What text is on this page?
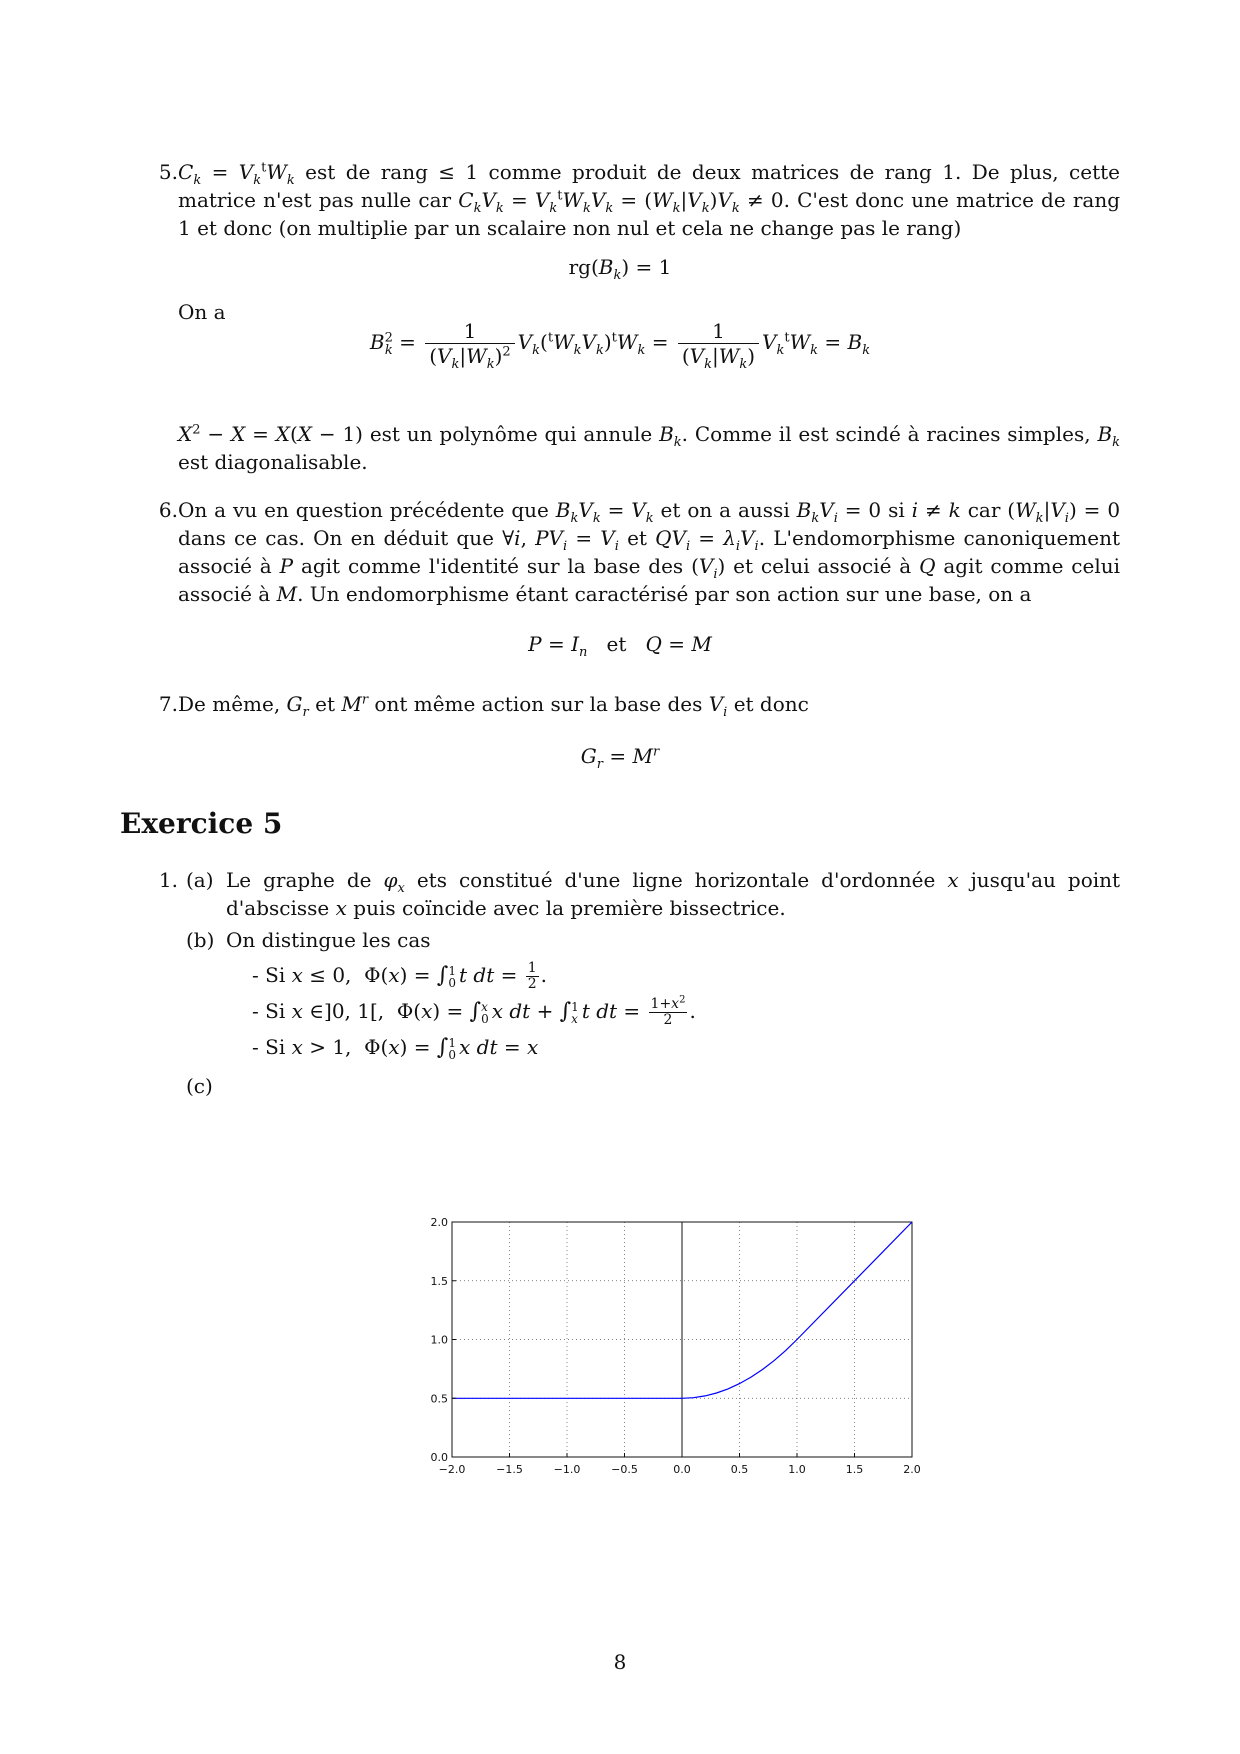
5. $C_k = V_k^tW_k$ est de rang ≤ 1 comme produit de deux matrices de rang 1. De plus, cette matrice n'est pas nulle car $C_kV_k = V_k^tW_kV_k = (W_k|V_k)V_k \ne 0$. C'est donc une matrice de rang 1 et donc (on multiplie par un scalaire non nul et cela ne change pas le rang)
$rg(B_k) = 1$
On a
$B^2_k = \frac{1}{(V_k|W_k)^2} V_k(^tW_kV_k)^tW_k = \frac{1}{(V_k|W_k)} V_k^tW_k = B_k$
$X^2 - X = X(X - 1)$ est un polynôme qui annule $B_k$. Comme il est scindé à racines simples, $B_k$ est diagonalisable.
6. On a vu en question précédente que $B_kV_k = V_k$ et on a aussi $B_kV_i = 0$ si i ≠ k car $(W_k|V_i) = 0$ dans ce cas. On en déduit que ∀i, $PV_i = V_i$ et $QV_i = \lambda_iV_i$. L'endomorphisme canoniquement associé à P agit comme l'identité sur la base des $(V_i)$ et celui associé à Q agit comme celui associé à M. Un endomorphisme étant caractérisé par son action sur une base, on a
$P = I_n$ et Q = M
7. De même, $G_r$ et $M^r$ ont même action sur la base des $V_i$ et donc
$G_r = M^r$
Exercice 5
1. (a) Le graphe de $\varphi_x$ ets constitué d'une ligne horizontale d'ordonnée x jusqu'au point d'abscisse x puis coïncide avec la première bissectrice.
(b) On distingue les cas
- Si x ≤ 0,  Φ(x) = ∫ 1
0 t dt = $\frac{1}{2}$ .
- Si x ∈]0, 1[,  Φ(x) = ∫ x
0 x dt + ∫ 1
x t dt = $\frac{1+x^2}{2}$ .
- Si x > 1,  Φ(x) = ∫ 1
0 x dt = x
(c)
−2.0	−1.5	−1.0	−0.5	0.0	0.5	1.0	1.5	2.0
0.0
0.5
1.0
1.5
2.0
8
